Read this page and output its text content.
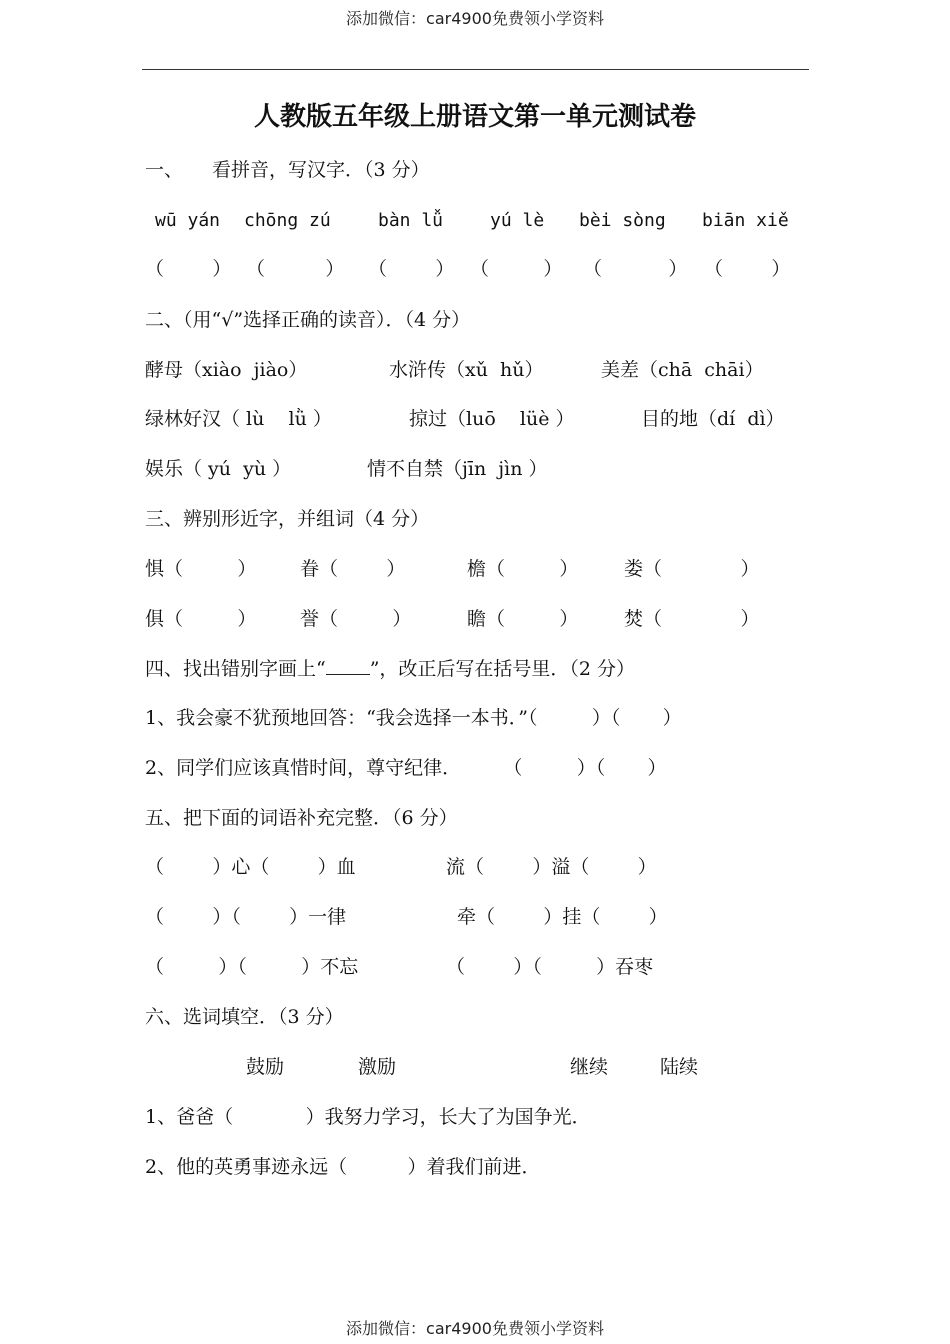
添加微信：car4900免费领小学资料
人教版五年级上册语文第一单元测试卷
一、 看拼音，写汉字．（3 分）
wū yán chōng zú	bàn lǚ	yú lè bèi sòng biān xiě
（        ） （          ） （        ） （         ） （           ） （        ）
二、（用“√”选择正确的读音）．（4 分）
酵母（xiào  jiào）	水浒传（xǔ  hǔ）	美差（chā  chāi）
绿林好汉（ lù    lǜ ）	掠过（luō    lüè ）	目的地（dí  dì）
娱乐（ yú  yù ）	情不自禁（jīn  jìn ）
三、辨别形近字，并组词（4 分）
惧（         ） 眷（        ）	檐（         ） 娄（             ）
俱（         ） 誉（         ）	瞻（         ） 焚（             ）
四、找出错别字画上“ ”，改正后写在括号里．（2 分）
1、我会豪不犹预地回答：“我会选择一本书．”（         ）（       ）
2、同学们应该真惜时间，尊守纪律．       （         ）（       ）
五、把下面的词语补充完整．（6 分）
（        ）心（        ）血	流（        ）溢（        ）
（        ）（        ）一律	牵（        ）挂（        ）
（         ）（         ）不忘	（        ）（         ）吞枣
六、选词填空．（3 分）
鼓励	激励	继续	陆续
1、爸爸（            ）我努力学习，长大了为国争光．
2、他的英勇事迹永远（          ）着我们前进．
添加微信：car4900免费领小学资料
